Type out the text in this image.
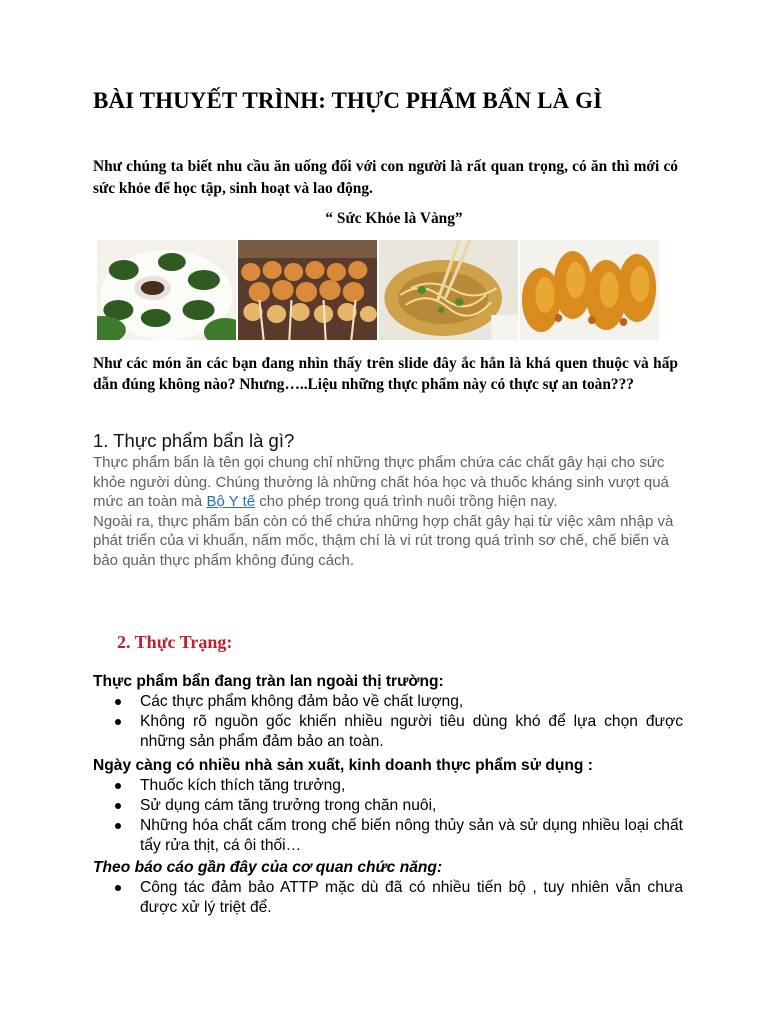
BÀI THUYẾT TRÌNH: THỰC PHẨM BẨN LÀ GÌ
Như chúng ta biết nhu cầu ăn uống đối với con người là rất quan trọng, có ăn thì mới có sức khỏe để học tập, sinh hoạt và lao động.
“ Sức Khỏe là Vàng”
Như các món ăn các bạn đang nhìn thấy trên slide đây ắc hẳn là khá quen thuộc và hấp dẫn đúng không nào? Nhưng…..Liệu những thực phẩm này có thực sự an toàn???
1. Thực phẩm bẩn là gì?
Thực phẩm bẩn là tên gọi chung chỉ những thực phẩm chứa các chất gây hại cho sức khỏe người dùng. Chúng thường là những chất hóa học và thuốc kháng sinh vượt quá mức an toàn mà Bộ Y tế cho phép trong quá trình nuôi trồng hiện nay.
Ngoài ra, thực phẩm bẩn còn có thể chứa những hợp chất gây hại từ việc xâm nhập và phát triển của vi khuẩn, nấm mốc, thậm chí là vi rút trong quá trình sơ chế, chế biến và bảo quản thực phẩm không đúng cách.
2. Thực Trạng:

Thực phẩm bẩn đang tràn lan ngoài thị trường:

Các thực phẩm không đảm bảo về chất lượng,
Không rõ nguồn gốc khiến nhiều người tiêu dùng khó để lựa chọn được những sản phẩm đảm bảo an toàn.

Ngày càng có nhiều nhà sản xuất, kinh doanh thực phẩm sử dụng :

Thuốc kích thích tăng trưởng,
Sử dụng cám tăng trưởng trong chăn nuôi,
Những hóa chất cấm trong chế biến nông thủy sản và sử dụng nhiều loại chất tẩy rửa thịt, cá ôi thối…

Theo báo cáo gần đây của cơ quan chức năng:

Công tác đảm bảo ATTP mặc dù đã có nhiều tiến bộ , tuy nhiên vẫn chưa được xử lý triệt để.
